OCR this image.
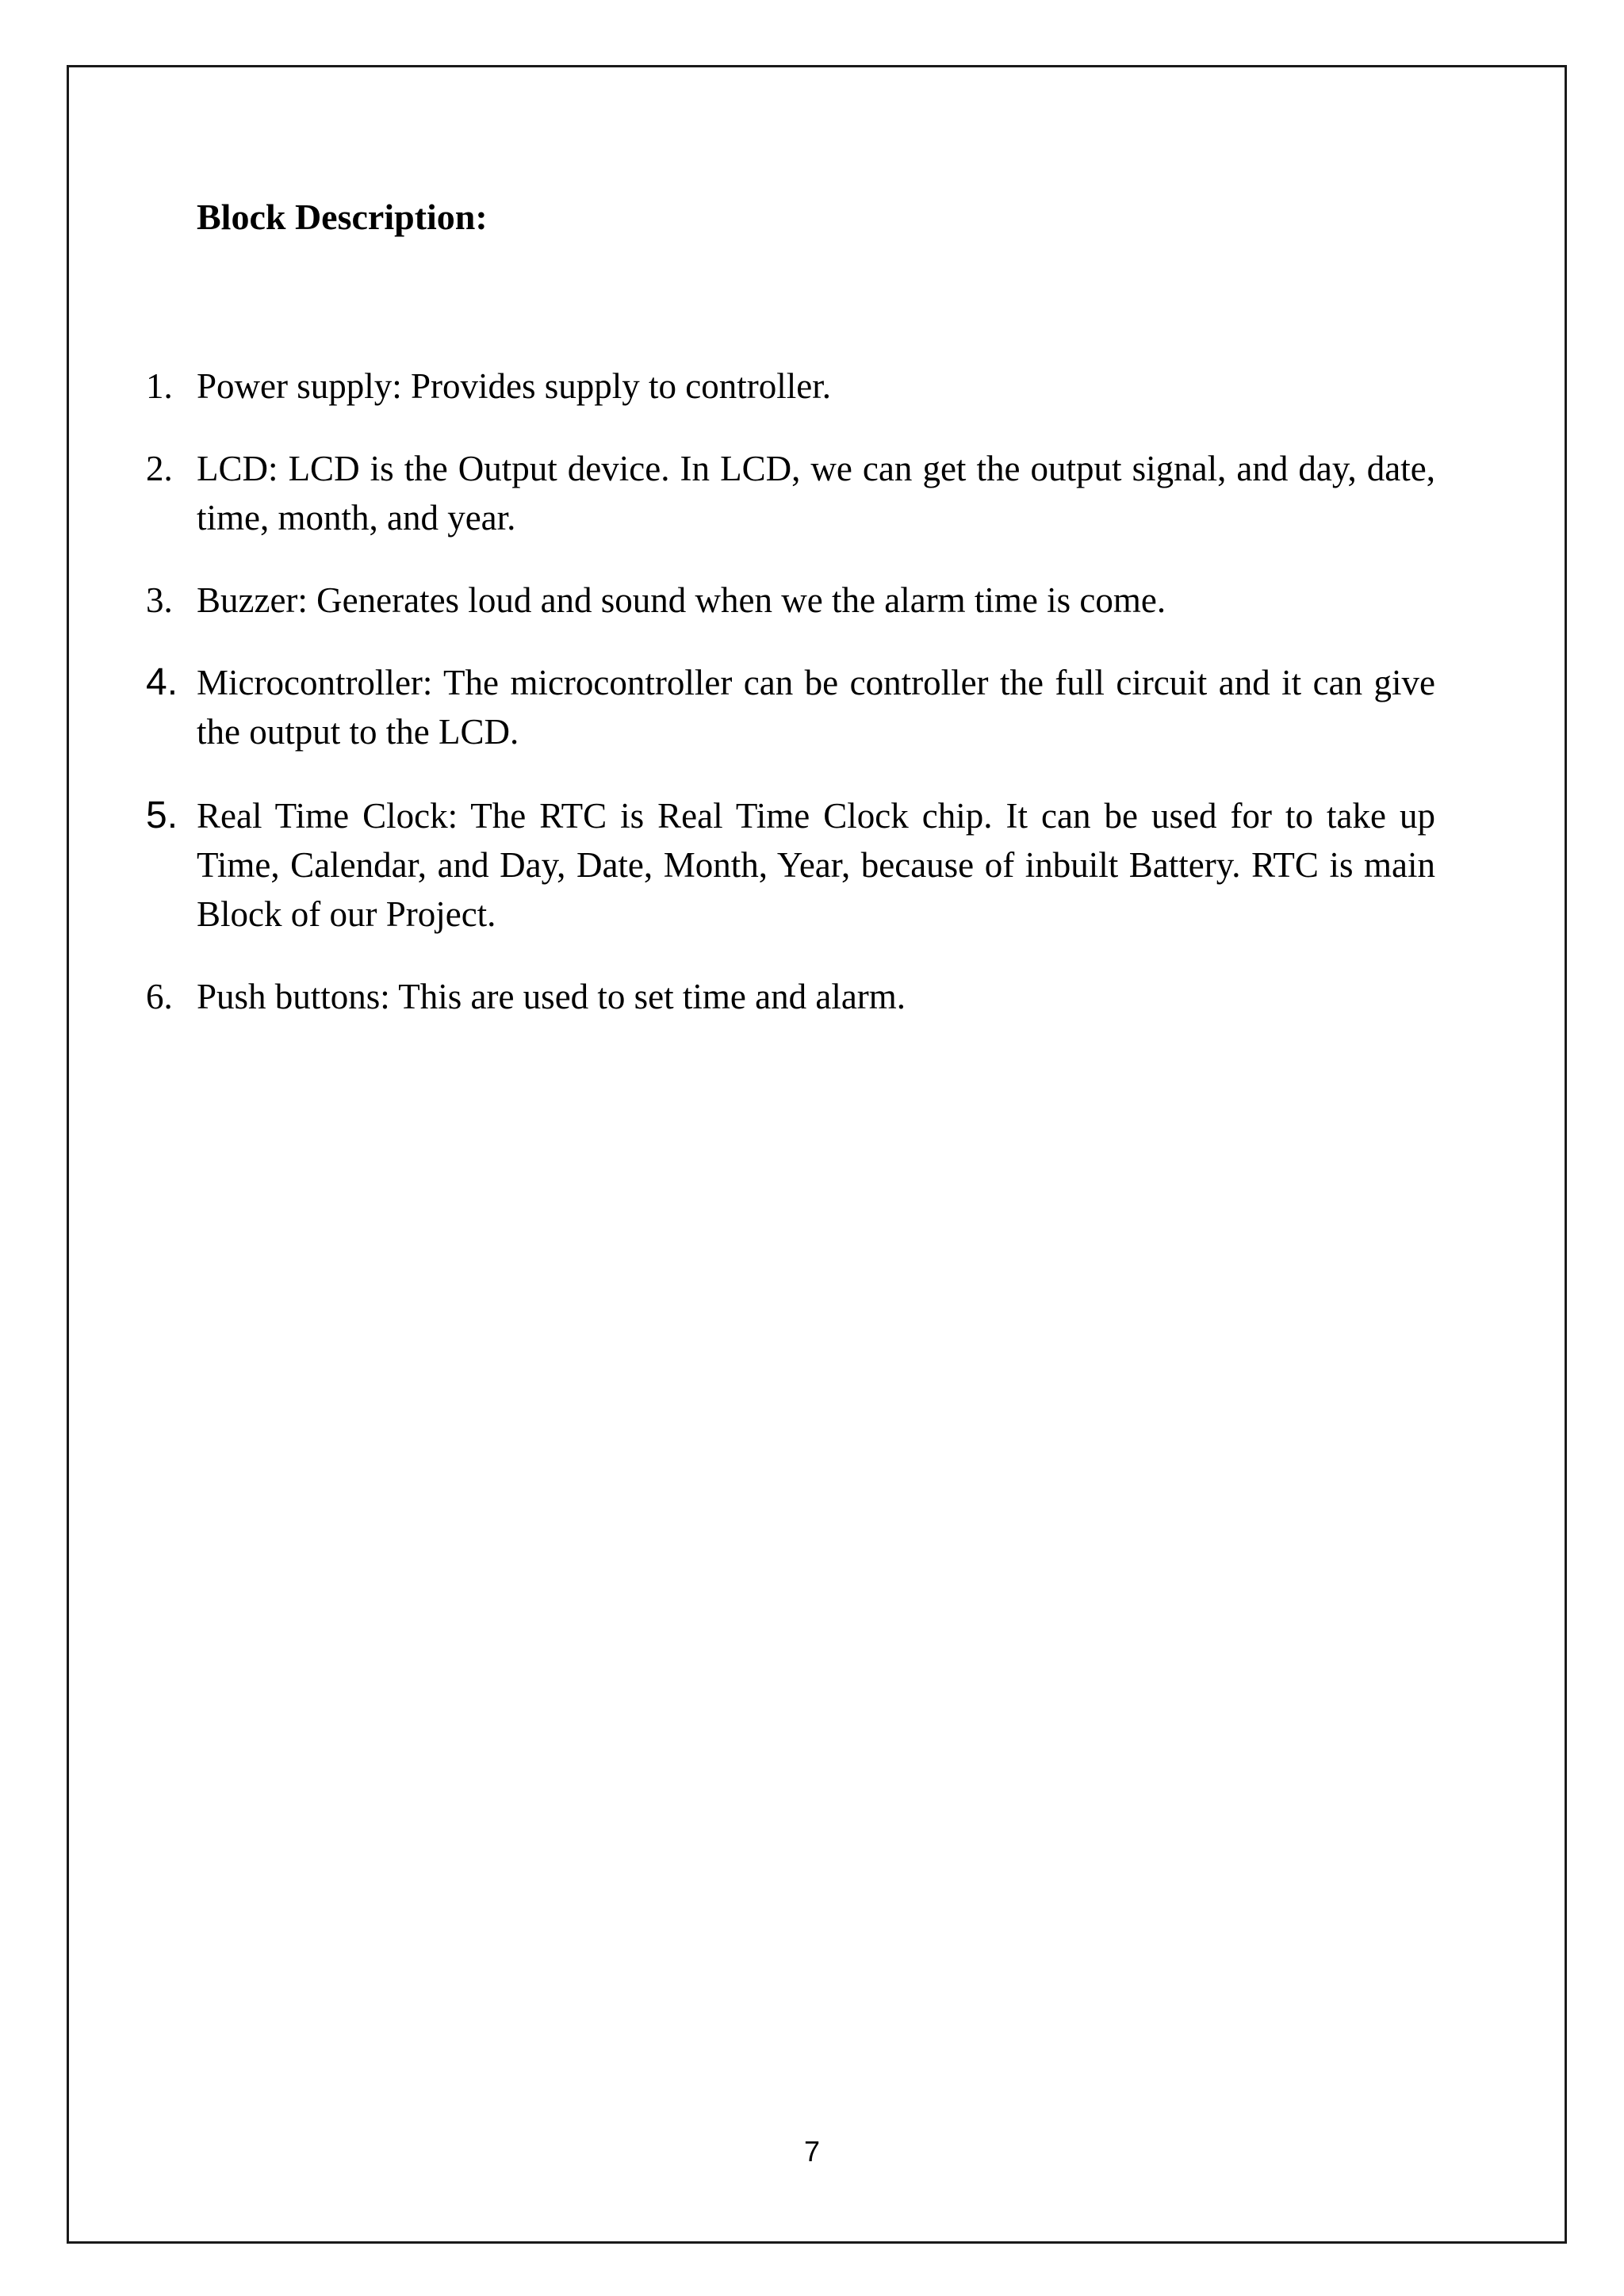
Block Description:
1. Power supply: Provides supply to controller.
2. LCD: LCD is the Output device. In LCD, we can get the output signal, and day, date, time, month, and year.
3. Buzzer: Generates loud and sound when we the alarm time is come.
4. Microcontroller: The microcontroller can be controller the full circuit and it can give the output to the LCD.
5. Real Time Clock: The RTC is Real Time Clock chip. It can be used for to take up Time, Calendar, and Day, Date, Month, Year, because of inbuilt Battery. RTC is main Block of our Project.
6. Push buttons: This are used to set time and alarm.
7
